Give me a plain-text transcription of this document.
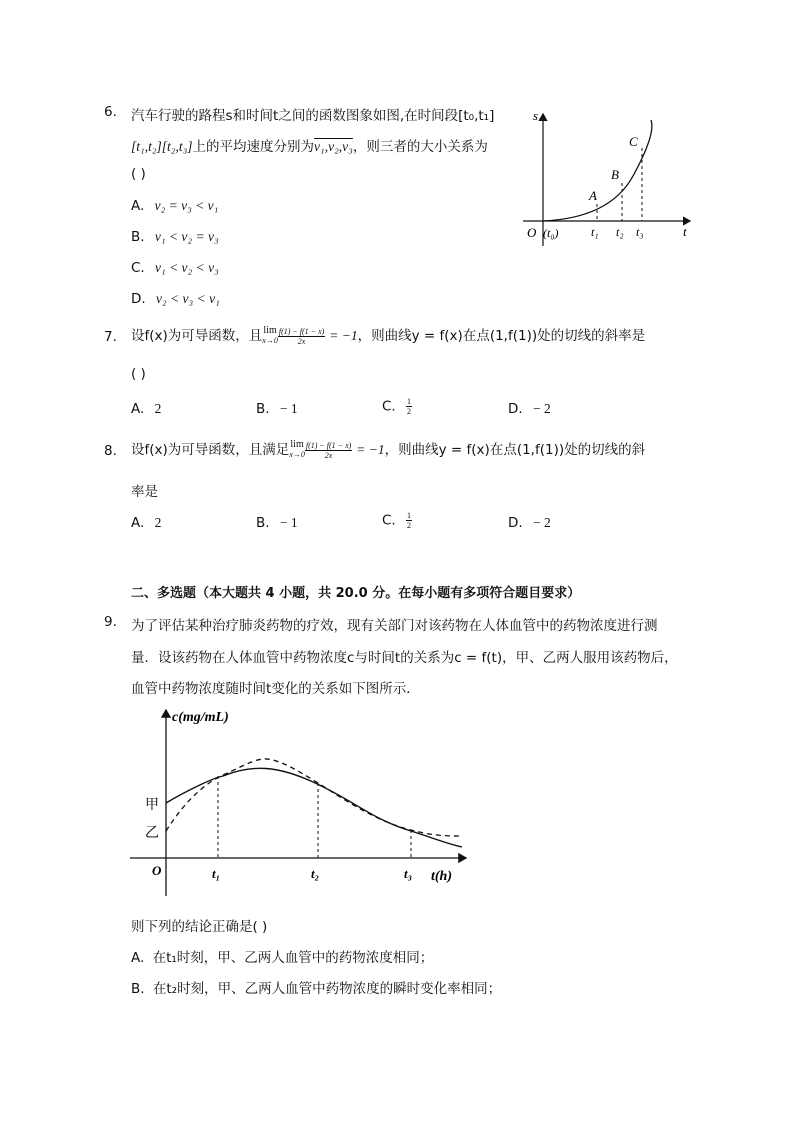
6. 汽车行驶的路程s和时间t之间的函数图象如图,在时间段[t₀,t₁]
[t₁,t₂][t₂,t₃]上的平均速度分别为v₁,v₂,v₃，则三者的大小关系为
( )
A. v₂ = v₃ < v₁
B. v₁ < v₂ = v₃
C. v₁ < v₂ < v₃
D. v₂ < v₃ < v₁
s
t
O (t₀)
A
B
C
t₁ t₂ t₃
7. 设f(x)为可导函数，且lim
$x\to 0 \frac{f(1) - f(1 - x)}{2x} = -1$，则曲线y = f(x)在点(1,f(1))处的切线的斜率是
( )
A. 2	B. − 1	C. $\frac{1}{2}$	D. − 2
8. 设f(x)为可导函数，且满足lim
$x\to 0 \frac{f(1) - f(1 - x)}{2x} = -1$，则曲线y = f(x)在点(1,f(1))处的切线的斜
率是
A. 2	B. − 1	C. $\frac{1}{2}$	D. − 2
二、多选题（本大题共 4 小题，共 20.0 分。在每小题有多项符合题目要求）
9. 为了评估某种治疗肺炎药物的疗效，现有关部门对该药物在人体血管中的药物浓度进行测
量．设该药物在人体血管中药物浓度c与时间t的关系为c = f(t)，甲、乙两人服用该药物后，
血管中药物浓度随时间t变化的关系如下图所示．
c(mg/mL)
t(h)
O
甲
乙
t₁	t₂	t₃
则下列的结论正确是( )
A. 在t₁时刻，甲、乙两人血管中的药物浓度相同；
B. 在t₂时刻，甲、乙两人血管中药物浓度的瞬时变化率相同；
